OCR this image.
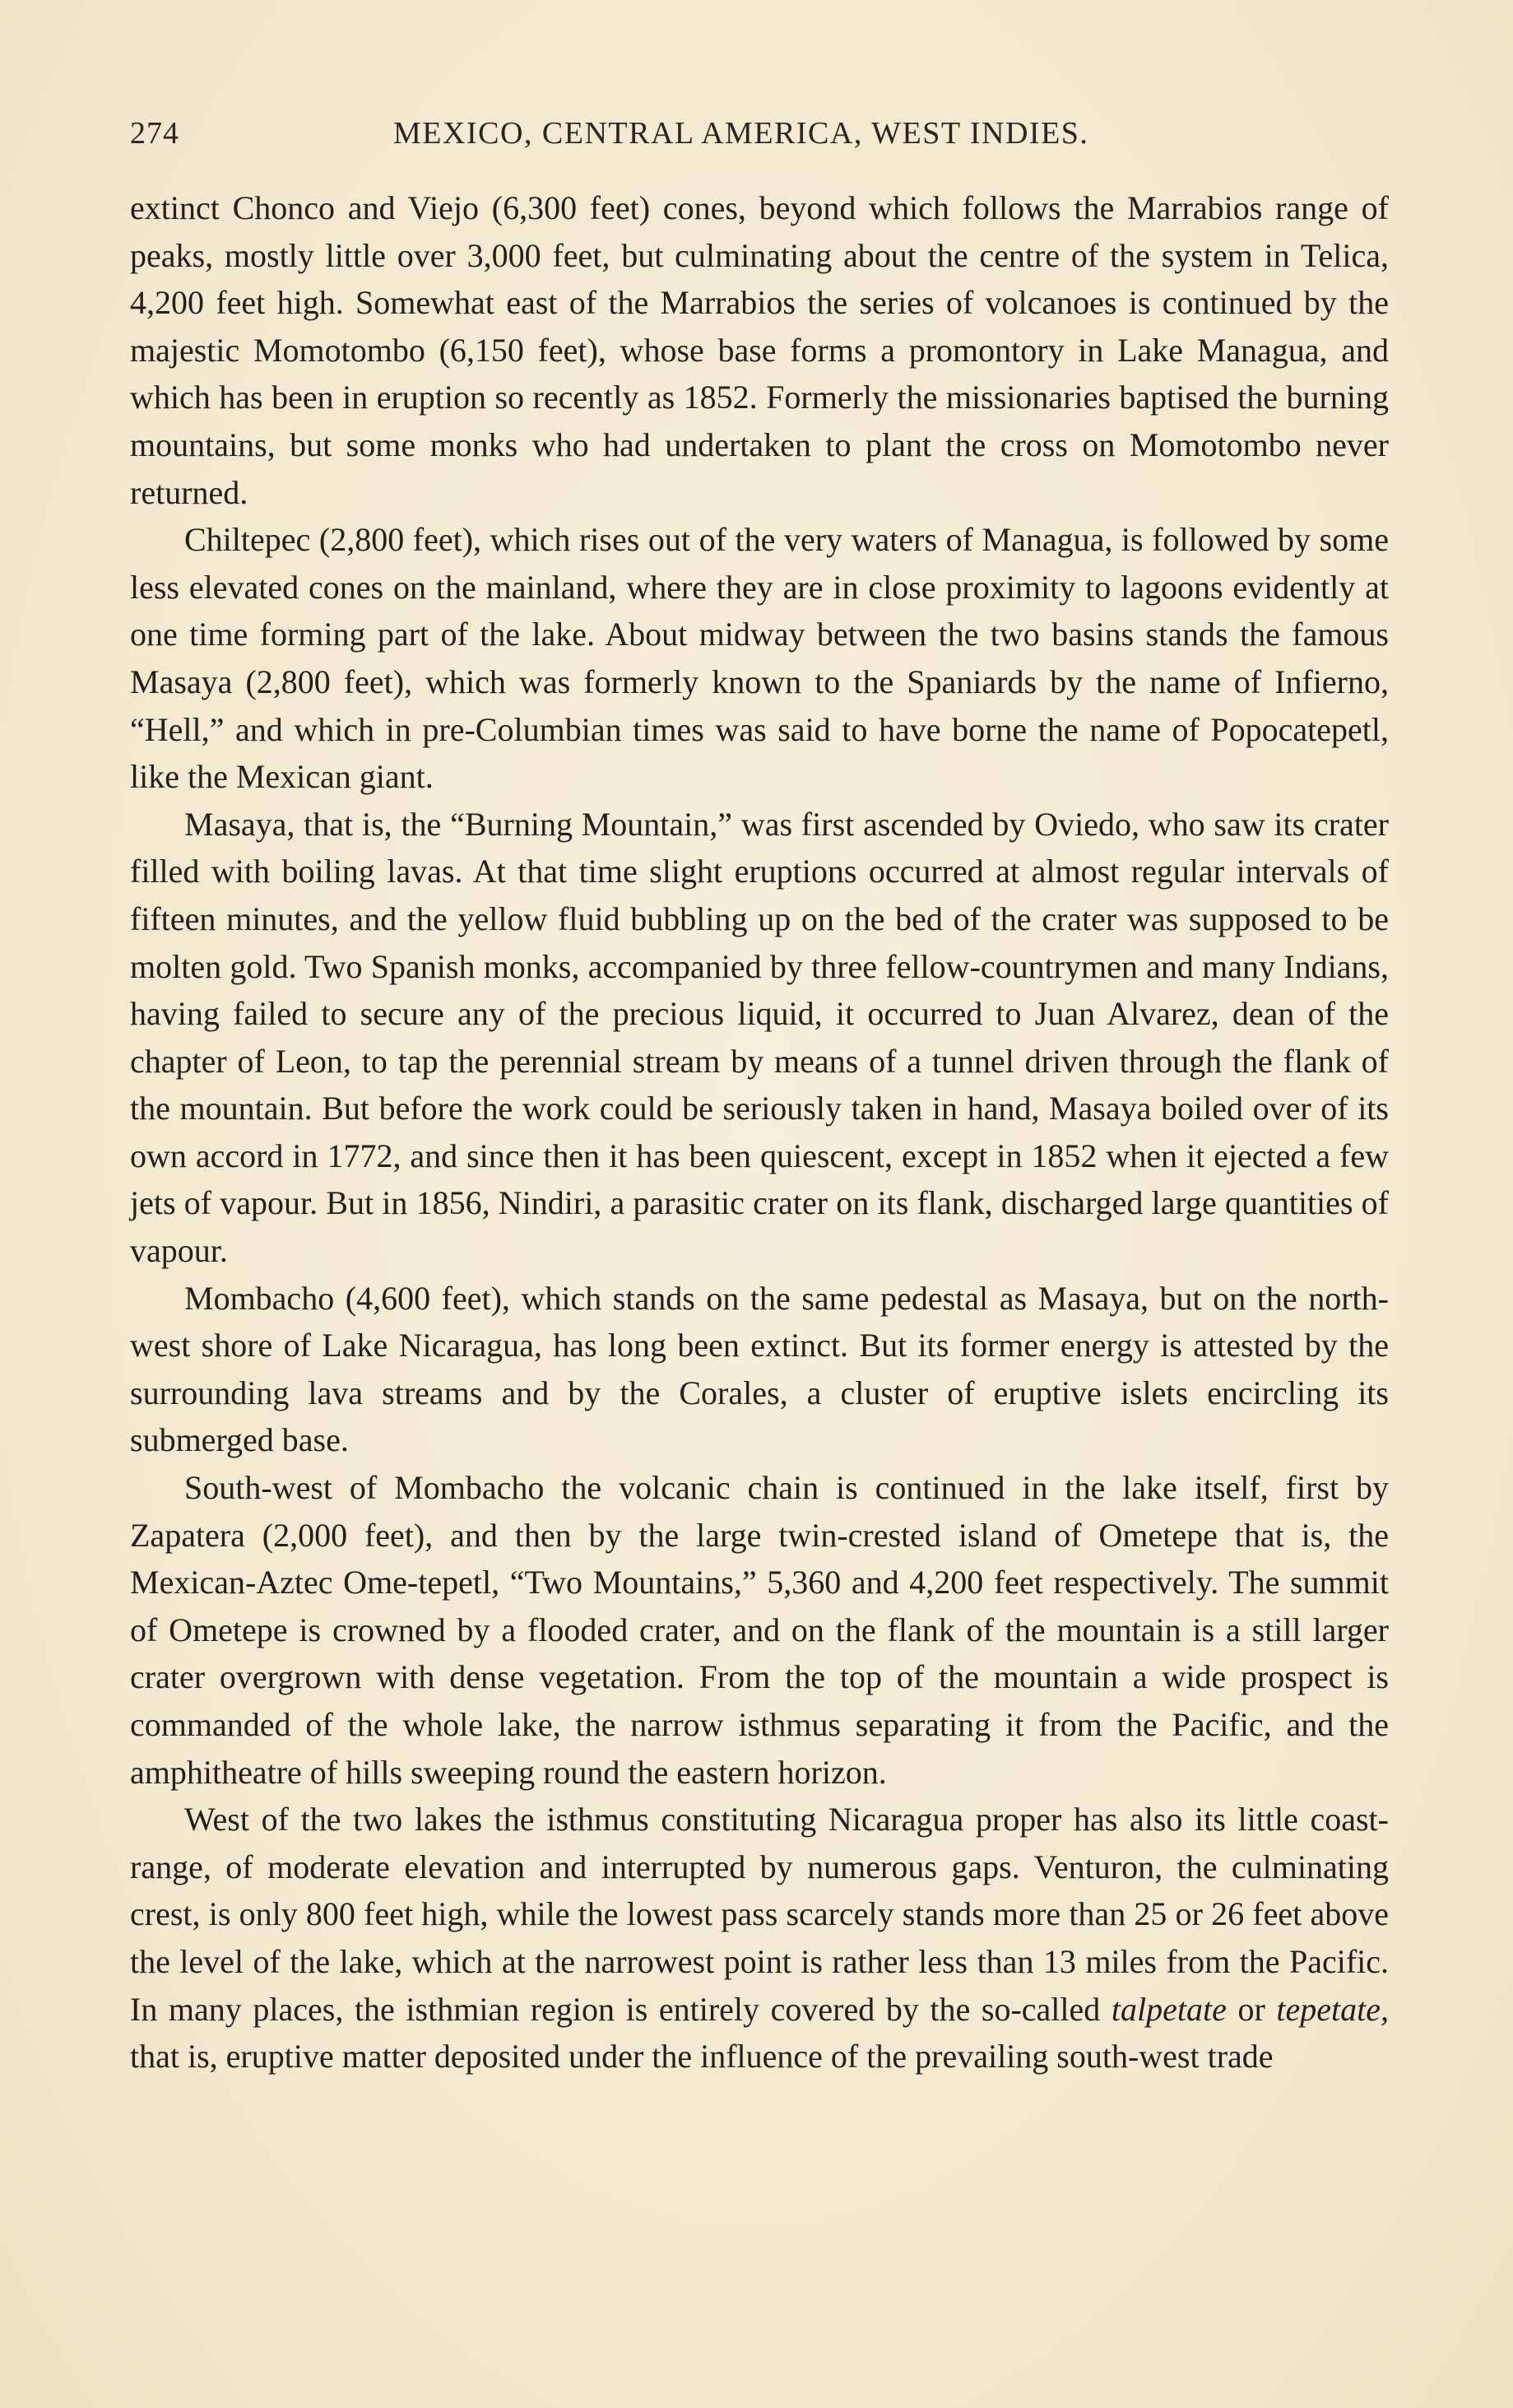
274	MEXICO, CENTRAL AMERICA, WEST INDIES.

extinct Chonco and Viejo (6,300 feet) cones, beyond which follows the Marrabios range of peaks, mostly little over 3,000 feet, but culminating about the centre of the system in Telica, 4,200 feet high. Somewhat east of the Marrabios the series of volcanoes is continued by the majestic Momotombo (6,150 feet), whose base forms a promontory in Lake Managua, and which has been in eruption so recently as 1852. Formerly the missionaries baptised the burning mountains, but some monks who had undertaken to plant the cross on Momotombo never returned.

Chiltepec (2,800 feet), which rises out of the very waters of Managua, is followed by some less elevated cones on the mainland, where they are in close proximity to lagoons evidently at one time forming part of the lake. About midway between the two basins stands the famous Masaya (2,800 feet), which was formerly known to the Spaniards by the name of Infierno, “Hell,” and which in pre-Columbian times was said to have borne the name of Popocatepetl, like the Mexican giant.

Masaya, that is, the “Burning Mountain,” was first ascended by Oviedo, who saw its crater filled with boiling lavas. At that time slight eruptions occurred at almost regular intervals of fifteen minutes, and the yellow fluid bubbling up on the bed of the crater was supposed to be molten gold. Two Spanish monks, accompanied by three fellow-countrymen and many Indians, having failed to secure any of the precious liquid, it occurred to Juan Alvarez, dean of the chapter of Leon, to tap the perennial stream by means of a tunnel driven through the flank of the mountain. But before the work could be seriously taken in hand, Masaya boiled over of its own accord in 1772, and since then it has been quiescent, except in 1852 when it ejected a few jets of vapour. But in 1856, Nindiri, a parasitic crater on its flank, discharged large quantities of vapour.

Mombacho (4,600 feet), which stands on the same pedestal as Masaya, but on the north-west shore of Lake Nicaragua, has long been extinct. But its former energy is attested by the surrounding lava streams and by the Corales, a cluster of eruptive islets encircling its submerged base.

South-west of Mombacho the volcanic chain is continued in the lake itself, first by Zapatera (2,000 feet), and then by the large twin-crested island of Ometepe that is, the Mexican-Aztec Ome-tepetl, “Two Mountains,” 5,360 and 4,200 feet respectively. The summit of Ometepe is crowned by a flooded crater, and on the flank of the mountain is a still larger crater overgrown with dense vegetation. From the top of the mountain a wide prospect is commanded of the whole lake, the narrow isthmus separating it from the Pacific, and the amphitheatre of hills sweeping round the eastern horizon.

West of the two lakes the isthmus constituting Nicaragua proper has also its little coast-range, of moderate elevation and interrupted by numerous gaps. Venturon, the culminating crest, is only 800 feet high, while the lowest pass scarcely stands more than 25 or 26 feet above the level of the lake, which at the narrowest point is rather less than 13 miles from the Pacific. In many places, the isthmian region is entirely covered by the so-called talpetate or tepetate, that is, eruptive matter deposited under the influence of the prevailing south-west trade
